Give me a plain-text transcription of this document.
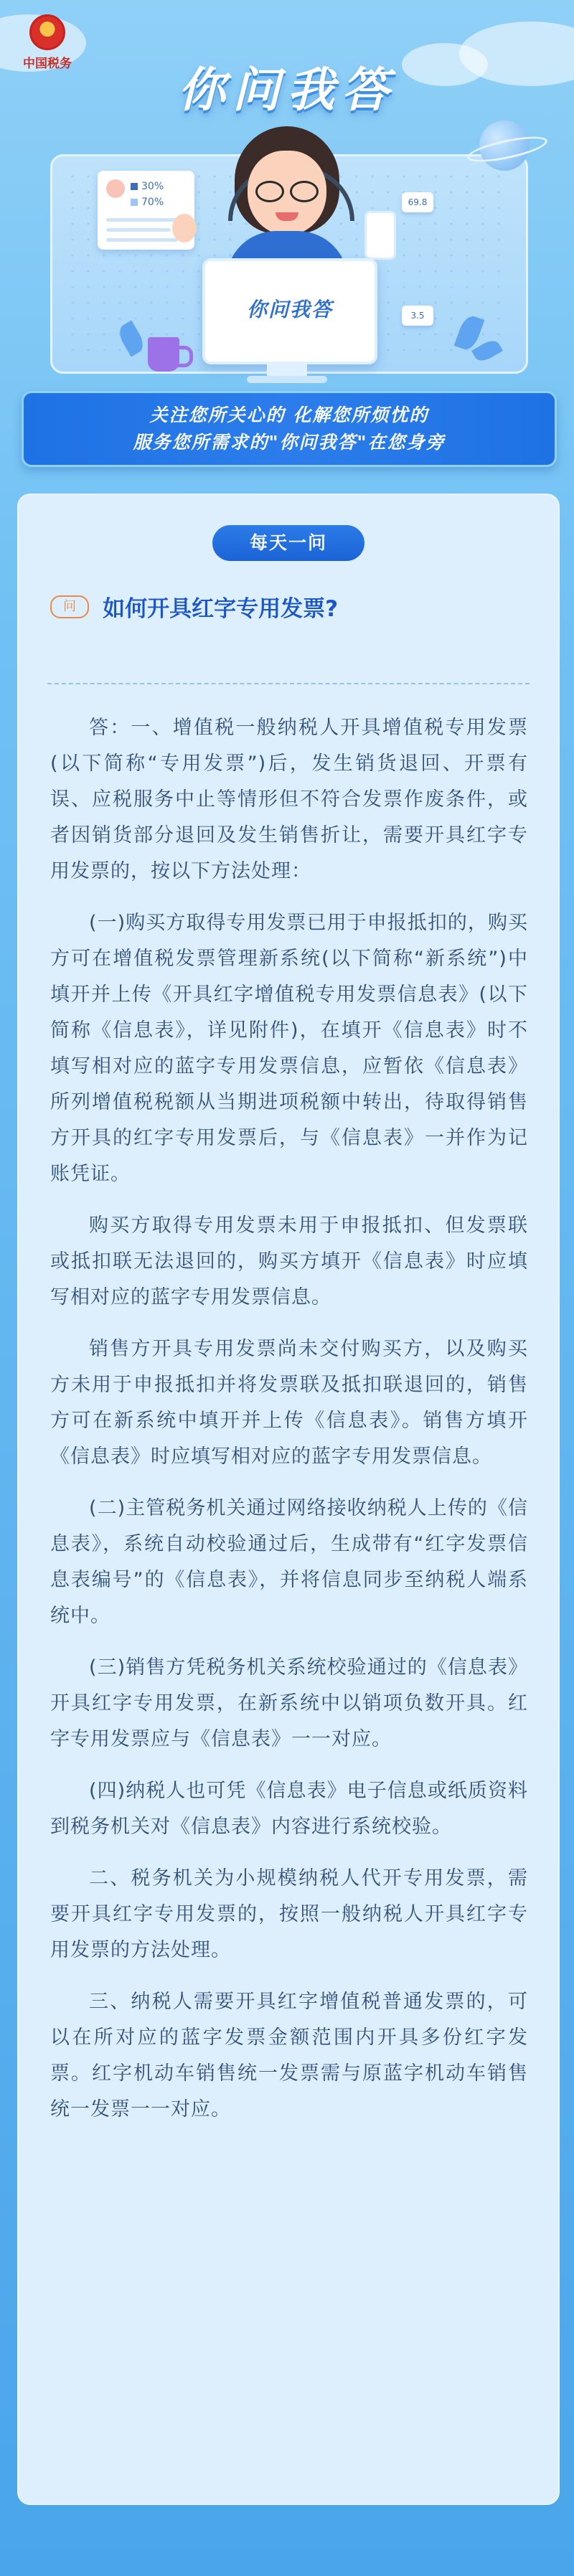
中国税务	你问我答
30%
70%	69.8
3.5
你问我答
关注您所关心的 化解您所烦忧的
服务您所需求的"你问我答"在您身旁
每天一问
问 如何开具红字专用发票?

答：一、增值税一般纳税人开具增值税专用发票(以下简称“专用发票”)后，发生销货退回、开票有误、应税服务中止等情形但不符合发票作废条件，或者因销货部分退回及发生销售折让，需要开具红字专用发票的，按以下方法处理：

(一)购买方取得专用发票已用于申报抵扣的，购买方可在增值税发票管理新系统(以下简称“新系统”)中填开并上传《开具红字增值税专用发票信息表》(以下简称《信息表》，详见附件)，在填开《信息表》时不填写相对应的蓝字专用发票信息，应暂依《信息表》所列增值税税额从当期进项税额中转出，待取得销售方开具的红字专用发票后，与《信息表》一并作为记账凭证。

购买方取得专用发票未用于申报抵扣、但发票联或抵扣联无法退回的，购买方填开《信息表》时应填写相对应的蓝字专用发票信息。

销售方开具专用发票尚未交付购买方，以及购买方未用于申报抵扣并将发票联及抵扣联退回的，销售方可在新系统中填开并上传《信息表》。销售方填开《信息表》时应填写相对应的蓝字专用发票信息。

(二)主管税务机关通过网络接收纳税人上传的《信息表》，系统自动校验通过后，生成带有“红字发票信息表编号”的《信息表》，并将信息同步至纳税人端系统中。

(三)销售方凭税务机关系统校验通过的《信息表》开具红字专用发票，在新系统中以销项负数开具。红字专用发票应与《信息表》一一对应。

(四)纳税人也可凭《信息表》电子信息或纸质资料到税务机关对《信息表》内容进行系统校验。

二、税务机关为小规模纳税人代开专用发票，需要开具红字专用发票的，按照一般纳税人开具红字专用发票的方法处理。

三、纳税人需要开具红字增值税普通发票的，可以在所对应的蓝字发票金额范围内开具多份红字发票。红字机动车销售统一发票需与原蓝字机动车销售统一发票一一对应。
